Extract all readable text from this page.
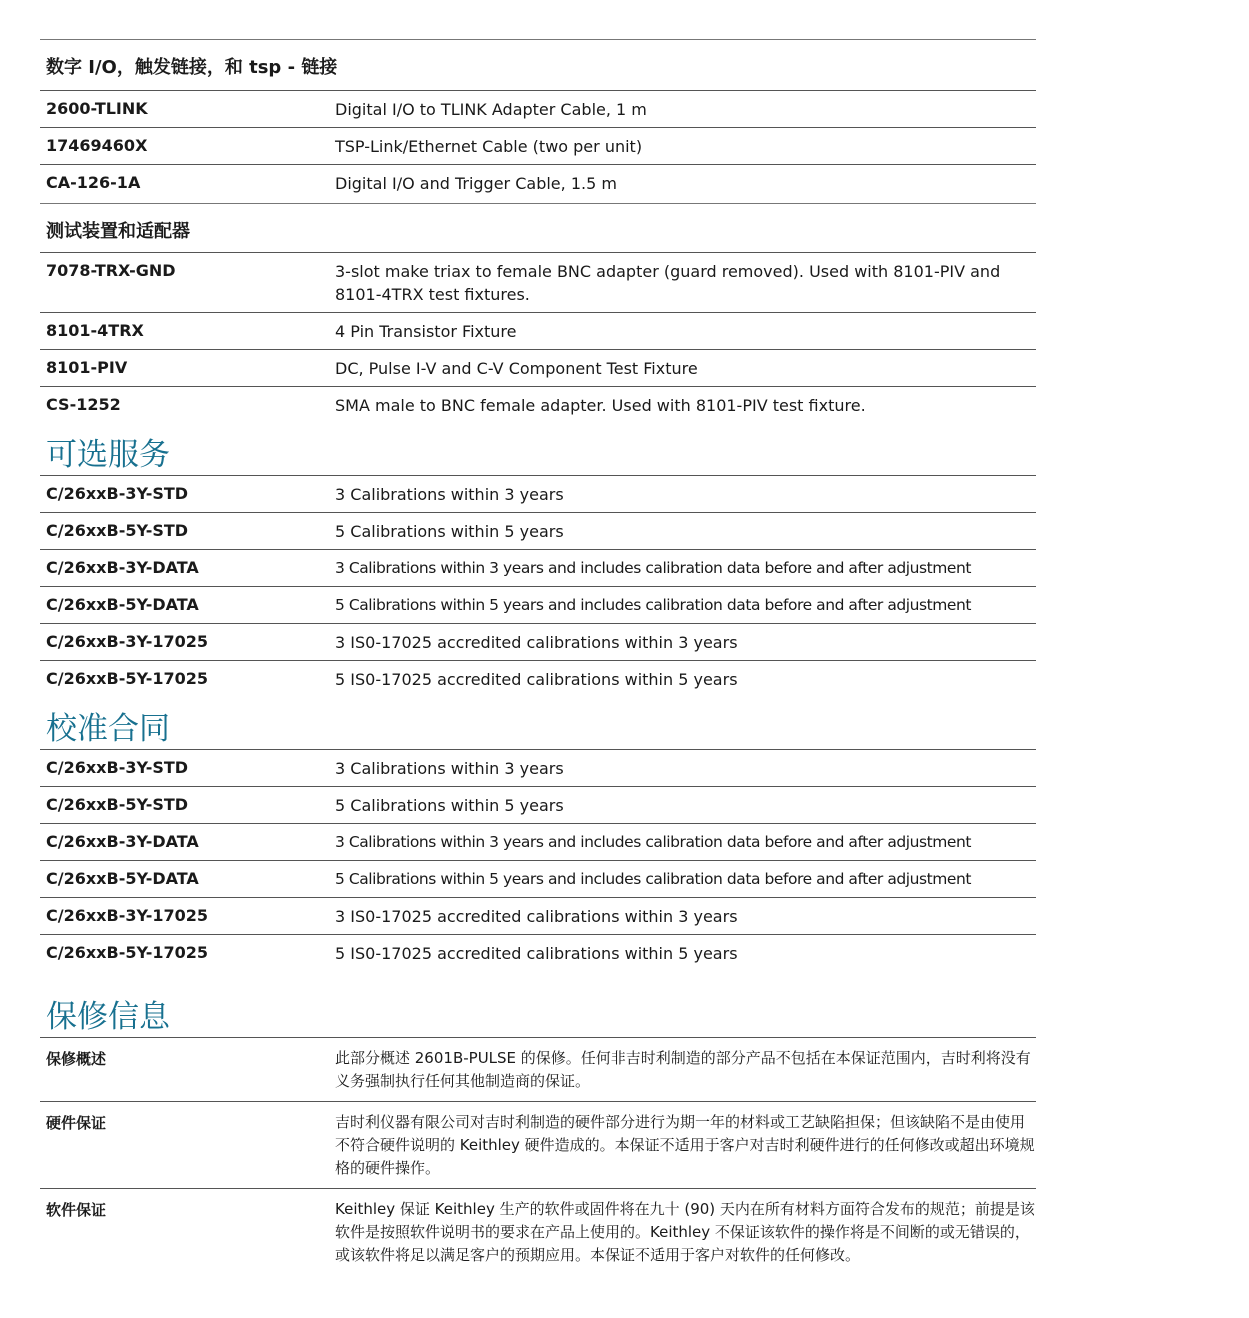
数字 I/O，触发链接，和 tsp - 链接
2600-TLINK	Digital I/O to TLINK Adapter Cable, 1 m
17469460X	TSP-Link/Ethernet Cable (two per unit)
CA-126-1A	Digital I/O and Trigger Cable, 1.5 m
测试装置和适配器
7078-TRX-GND	3-slot make triax to female BNC adapter (guard removed). Used with 8101-PIV and 8101-4TRX test fixtures.
8101-4TRX	4 Pin Transistor Fixture
8101-PIV	DC, Pulse I-V and C-V Component Test Fixture
CS-1252	SMA male to BNC female adapter. Used with 8101-PIV test fixture.
可选服务
C/26xxB-3Y-STD	3 Calibrations within 3 years
C/26xxB-5Y-STD	5 Calibrations within 5 years
C/26xxB-3Y-DATA	3 Calibrations within 3 years and includes calibration data before and after adjustment
C/26xxB-5Y-DATA	5 Calibrations within 5 years and includes calibration data before and after adjustment
C/26xxB-3Y-17025	3 IS0-17025 accredited calibrations within 3 years
C/26xxB-5Y-17025	5 IS0-17025 accredited calibrations within 5 years
校准合同
C/26xxB-3Y-STD	3 Calibrations within 3 years
C/26xxB-5Y-STD	5 Calibrations within 5 years
C/26xxB-3Y-DATA	3 Calibrations within 3 years and includes calibration data before and after adjustment
C/26xxB-5Y-DATA	5 Calibrations within 5 years and includes calibration data before and after adjustment
C/26xxB-3Y-17025	3 IS0-17025 accredited calibrations within 3 years
C/26xxB-5Y-17025	5 IS0-17025 accredited calibrations within 5 years
保修信息
保修概述	此部分概述 2601B-PULSE 的保修。任何非吉时利制造的部分产品不包括在本保证范围内，吉时利将没有义务强制执行任何其他制造商的保证。
硬件保证	吉时利仪器有限公司对吉时利制造的硬件部分进行为期一年的材料或工艺缺陷担保；但该缺陷不是由使用不符合硬件说明的 Keithley 硬件造成的。本保证不适用于客户对吉时利硬件进行的任何修改或超出环境规格的硬件操作。
软件保证	Keithley 保证 Keithley 生产的软件或固件将在九十 (90) 天内在所有材料方面符合发布的规范；前提是该软件是按照软件说明书的要求在产品上使用的。Keithley 不保证该软件的操作将是不间断的或无错误的，或该软件将足以满足客户的预期应用。本保证不适用于客户对软件的任何修改。
